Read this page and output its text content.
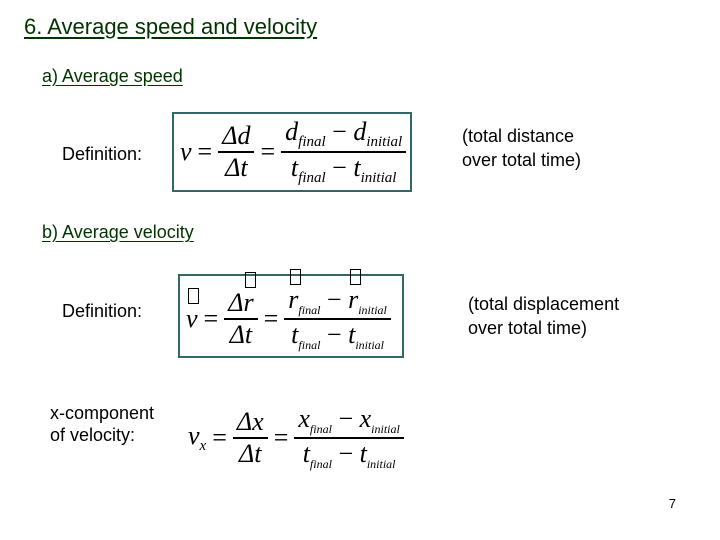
6. Average speed and velocity
a) Average speed
Definition: $v = \frac{\Delta d}{\Delta t} = \frac{d_{final} - d_{initial}}{t_{final} - t_{initial}}$	(total distance
over total time)
b) Average velocity
Definition: v = Δ
r
$\Delta t = \frac{r_{final} - r_{initial}}{t_{final} - t_{initial}}$	(total displacement
over total time)
x-component
of velocity:	$v_x = \frac{\Delta x}{\Delta t} = \frac{x_{final} - x_{initial}}{t_{final} - t_{initial}}$
7
